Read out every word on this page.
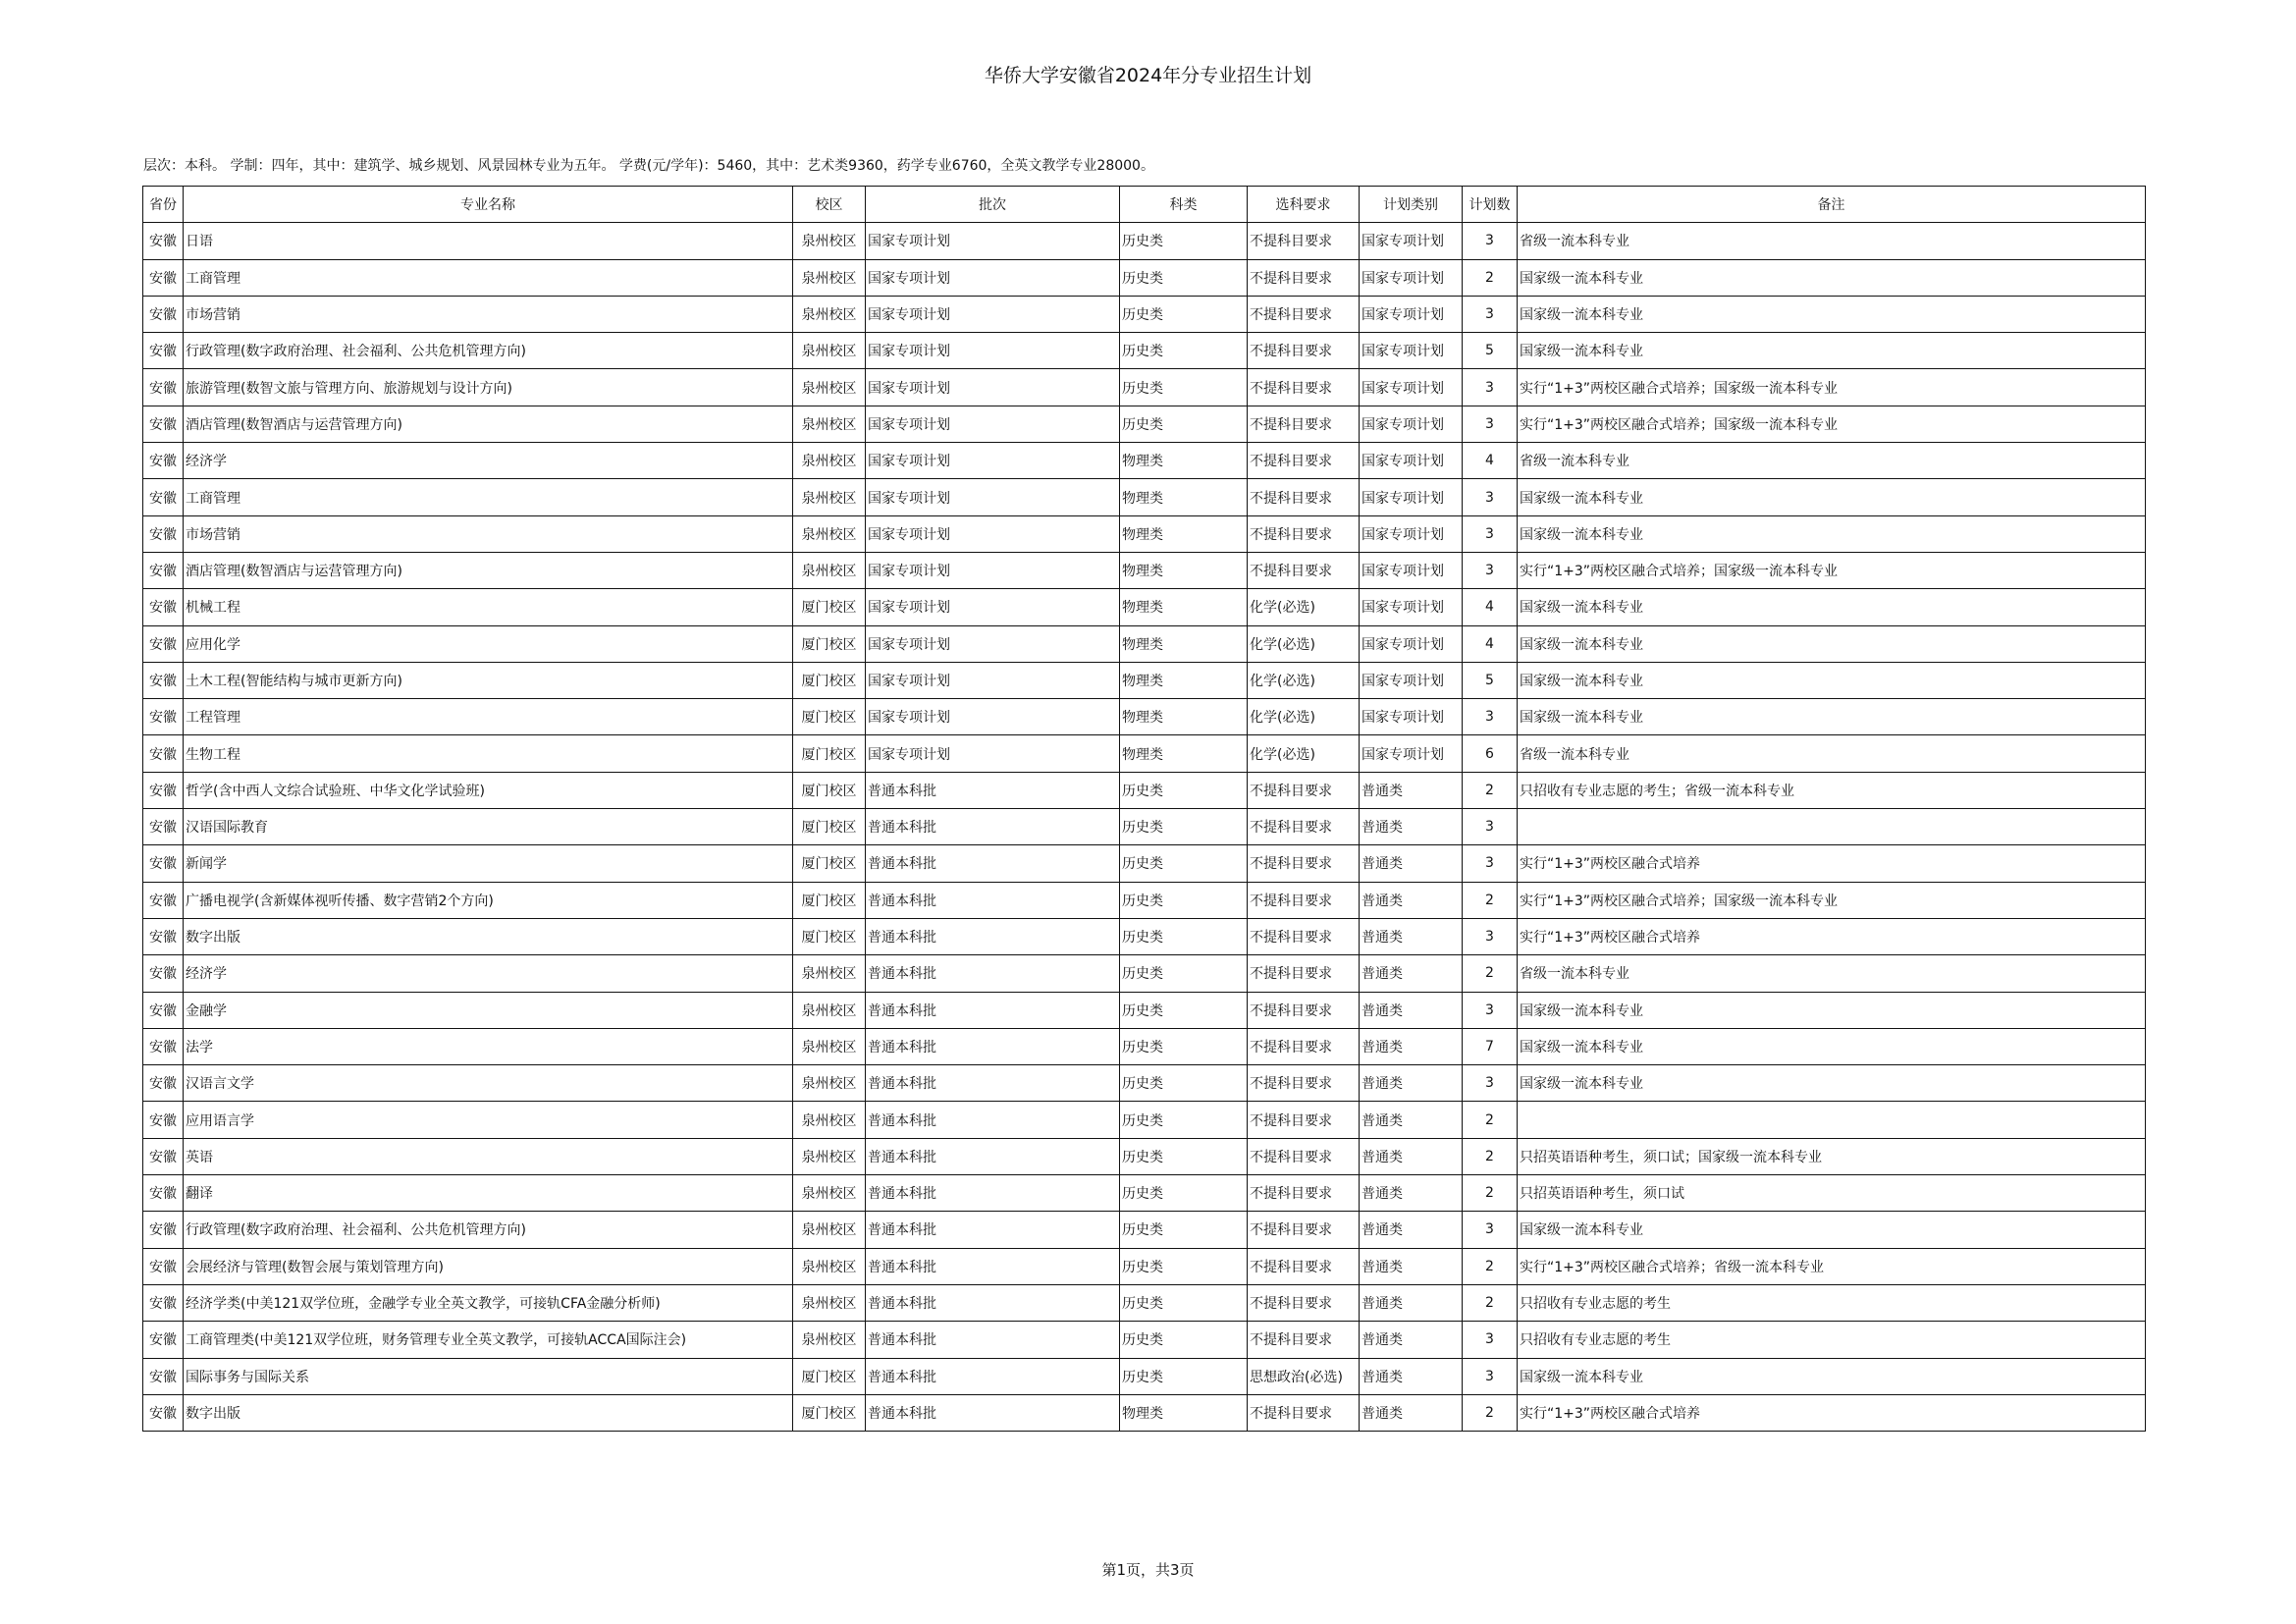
华侨大学安徽省2024年分专业招生计划
层次：本科。 学制：四年，其中：建筑学、城乡规划、风景园林专业为五年。 学费(元/学年)：5460，其中：艺术类9360，药学专业6760，全英文教学专业28000。
省份	专业名称	校区	批次	科类	选科要求	计划类别	计划数	备注
安徽	日语	泉州校区	国家专项计划	历史类	不提科目要求	国家专项计划	3	省级一流本科专业
安徽	工商管理	泉州校区	国家专项计划	历史类	不提科目要求	国家专项计划	2	国家级一流本科专业
安徽	市场营销	泉州校区	国家专项计划	历史类	不提科目要求	国家专项计划	3	国家级一流本科专业
安徽	行政管理(数字政府治理、社会福利、公共危机管理方向)	泉州校区	国家专项计划	历史类	不提科目要求	国家专项计划	5	国家级一流本科专业
安徽	旅游管理(数智文旅与管理方向、旅游规划与设计方向)	泉州校区	国家专项计划	历史类	不提科目要求	国家专项计划	3	实行“1+3”两校区融合式培养；国家级一流本科专业
安徽	酒店管理(数智酒店与运营管理方向)	泉州校区	国家专项计划	历史类	不提科目要求	国家专项计划	3	实行“1+3”两校区融合式培养；国家级一流本科专业
安徽	经济学	泉州校区	国家专项计划	物理类	不提科目要求	国家专项计划	4	省级一流本科专业
安徽	工商管理	泉州校区	国家专项计划	物理类	不提科目要求	国家专项计划	3	国家级一流本科专业
安徽	市场营销	泉州校区	国家专项计划	物理类	不提科目要求	国家专项计划	3	国家级一流本科专业
安徽	酒店管理(数智酒店与运营管理方向)	泉州校区	国家专项计划	物理类	不提科目要求	国家专项计划	3	实行“1+3”两校区融合式培养；国家级一流本科专业
安徽	机械工程	厦门校区	国家专项计划	物理类	化学(必选)	国家专项计划	4	国家级一流本科专业
安徽	应用化学	厦门校区	国家专项计划	物理类	化学(必选)	国家专项计划	4	国家级一流本科专业
安徽	土木工程(智能结构与城市更新方向)	厦门校区	国家专项计划	物理类	化学(必选)	国家专项计划	5	国家级一流本科专业
安徽	工程管理	厦门校区	国家专项计划	物理类	化学(必选)	国家专项计划	3	国家级一流本科专业
安徽	生物工程	厦门校区	国家专项计划	物理类	化学(必选)	国家专项计划	6	省级一流本科专业
安徽	哲学(含中西人文综合试验班、中华文化学试验班)	厦门校区	普通本科批	历史类	不提科目要求	普通类	2	只招收有专业志愿的考生；省级一流本科专业
安徽	汉语国际教育	厦门校区	普通本科批	历史类	不提科目要求	普通类	3	
安徽	新闻学	厦门校区	普通本科批	历史类	不提科目要求	普通类	3	实行“1+3”两校区融合式培养
安徽	广播电视学(含新媒体视听传播、数字营销2个方向)	厦门校区	普通本科批	历史类	不提科目要求	普通类	2	实行“1+3”两校区融合式培养；国家级一流本科专业
安徽	数字出版	厦门校区	普通本科批	历史类	不提科目要求	普通类	3	实行“1+3”两校区融合式培养
安徽	经济学	泉州校区	普通本科批	历史类	不提科目要求	普通类	2	省级一流本科专业
安徽	金融学	泉州校区	普通本科批	历史类	不提科目要求	普通类	3	国家级一流本科专业
安徽	法学	泉州校区	普通本科批	历史类	不提科目要求	普通类	7	国家级一流本科专业
安徽	汉语言文学	泉州校区	普通本科批	历史类	不提科目要求	普通类	3	国家级一流本科专业
安徽	应用语言学	泉州校区	普通本科批	历史类	不提科目要求	普通类	2	
安徽	英语	泉州校区	普通本科批	历史类	不提科目要求	普通类	2	只招英语语种考生，须口试；国家级一流本科专业
安徽	翻译	泉州校区	普通本科批	历史类	不提科目要求	普通类	2	只招英语语种考生，须口试
安徽	行政管理(数字政府治理、社会福利、公共危机管理方向)	泉州校区	普通本科批	历史类	不提科目要求	普通类	3	国家级一流本科专业
安徽	会展经济与管理(数智会展与策划管理方向)	泉州校区	普通本科批	历史类	不提科目要求	普通类	2	实行“1+3”两校区融合式培养；省级一流本科专业
安徽	经济学类(中美121双学位班，金融学专业全英文教学，可接轨CFA金融分析师)	泉州校区	普通本科批	历史类	不提科目要求	普通类	2	只招收有专业志愿的考生
安徽	工商管理类(中美121双学位班，财务管理专业全英文教学，可接轨ACCA国际注会)	泉州校区	普通本科批	历史类	不提科目要求	普通类	3	只招收有专业志愿的考生
安徽	国际事务与国际关系	厦门校区	普通本科批	历史类	思想政治(必选)	普通类	3	国家级一流本科专业
安徽	数字出版	厦门校区	普通本科批	物理类	不提科目要求	普通类	2	实行“1+3”两校区融合式培养
第1页，共3页
